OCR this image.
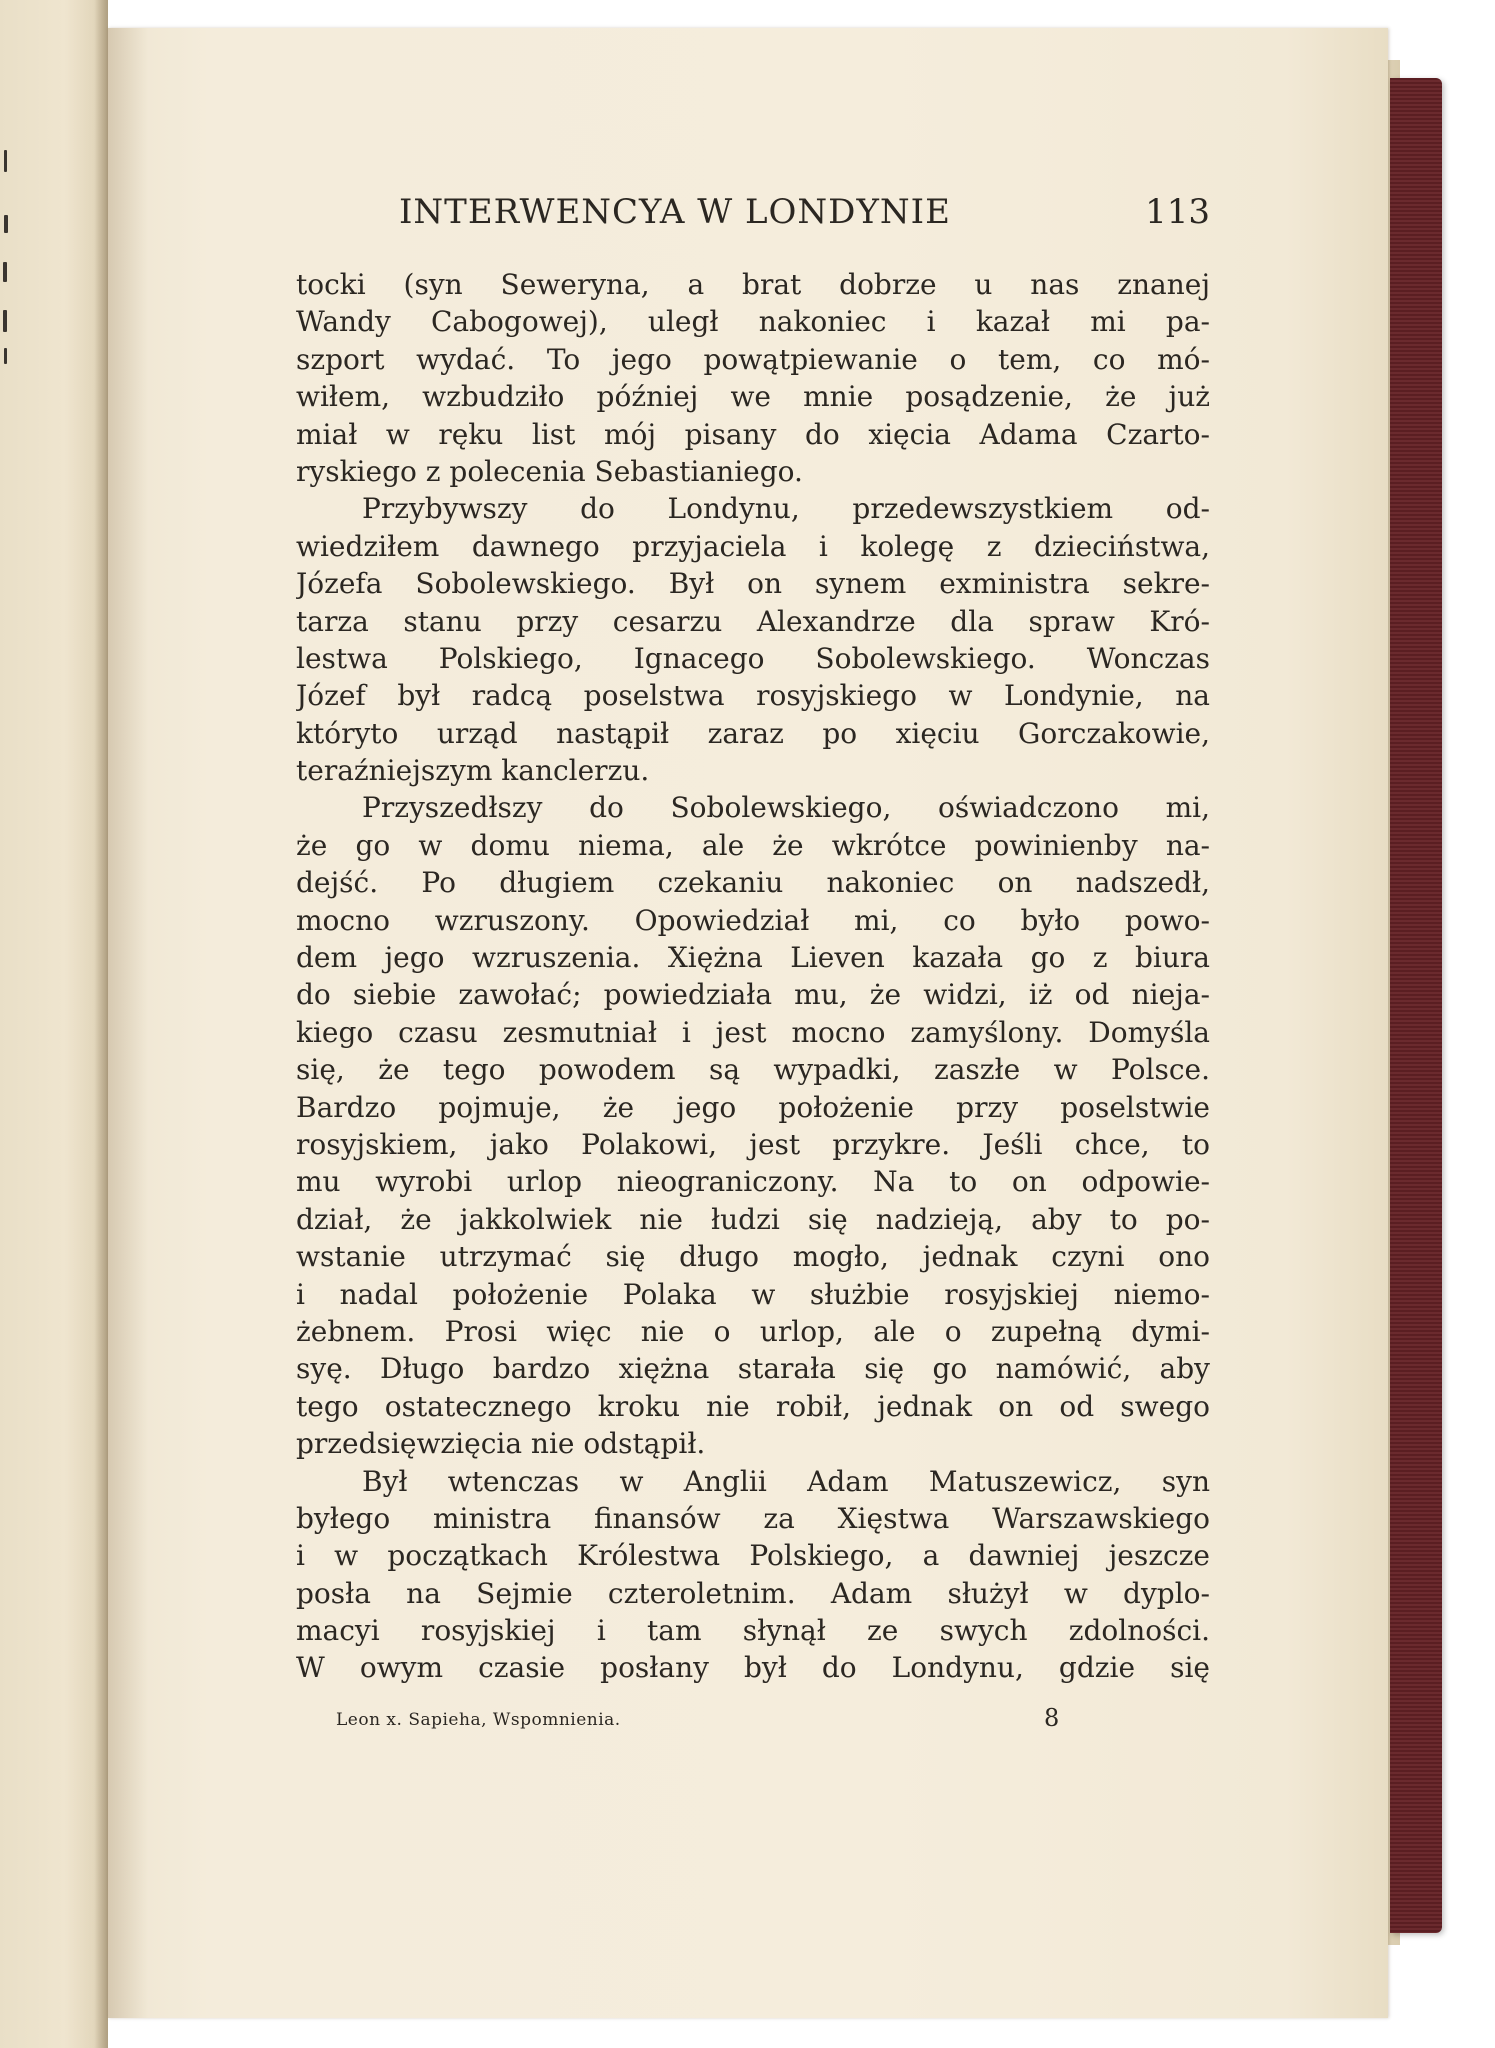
INTERWENCYA W LONDYNIE	113
tocki (syn Seweryna, a brat dobrze u nas znanej
Wandy Cabogowej), uległ nakoniec i kazał mi pa-
szport wydać. To jego powątpiewanie o tem, co mó-
wiłem, wzbudziło później we mnie posądzenie, że już
miał w ręku list mój pisany do xięcia Adama Czarto-
ryskiego z polecenia Sebastianiego.
Przybywszy do Londynu, przedewszystkiem od-
wiedziłem dawnego przyjaciela i kolegę z dzieciństwa,
Józefa Sobolewskiego. Był on synem exministra sekre-
tarza stanu przy cesarzu Alexandrze dla spraw Kró-
lestwa Polskiego, Ignacego Sobolewskiego. Wonczas
Józef był radcą poselstwa rosyjskiego w Londynie, na
któryto urząd nastąpił zaraz po xięciu Gorczakowie,
teraźniejszym kanclerzu.
Przyszedłszy do Sobolewskiego, oświadczono mi,
że go w domu niema, ale że wkrótce powinienby na-
dejść. Po długiem czekaniu nakoniec on nadszedł,
mocno wzruszony. Opowiedział mi, co było powo-
dem jego wzruszenia. Xiężna Lieven kazała go z biura
do siebie zawołać; powiedziała mu, że widzi, iż od nieja-
kiego czasu zesmutniał i jest mocno zamyślony. Domyśla
się, że tego powodem są wypadki, zaszłe w Polsce.
Bardzo pojmuje, że jego położenie przy poselstwie
rosyjskiem, jako Polakowi, jest przykre. Jeśli chce, to
mu wyrobi urlop nieograniczony. Na to on odpowie-
dział, że jakkolwiek nie łudzi się nadzieją, aby to po-
wstanie utrzymać się długo mogło, jednak czyni ono
i nadal położenie Polaka w służbie rosyjskiej niemo-
żebnem. Prosi więc nie o urlop, ale o zupełną dymi-
syę. Długo bardzo xiężna starała się go namówić, aby
tego ostatecznego kroku nie robił, jednak on od swego
przedsięwzięcia nie odstąpił.
Był wtenczas w Anglii Adam Matuszewicz, syn
byłego ministra finansów za Xięstwa Warszawskiego
i w początkach Królestwa Polskiego, a dawniej jeszcze
posła na Sejmie czteroletnim. Adam służył w dyplo-
macyi rosyjskiej i tam słynął ze swych zdolności.
W owym czasie posłany był do Londynu, gdzie się
Leon x. Sapieha, Wspomnienia.	8
